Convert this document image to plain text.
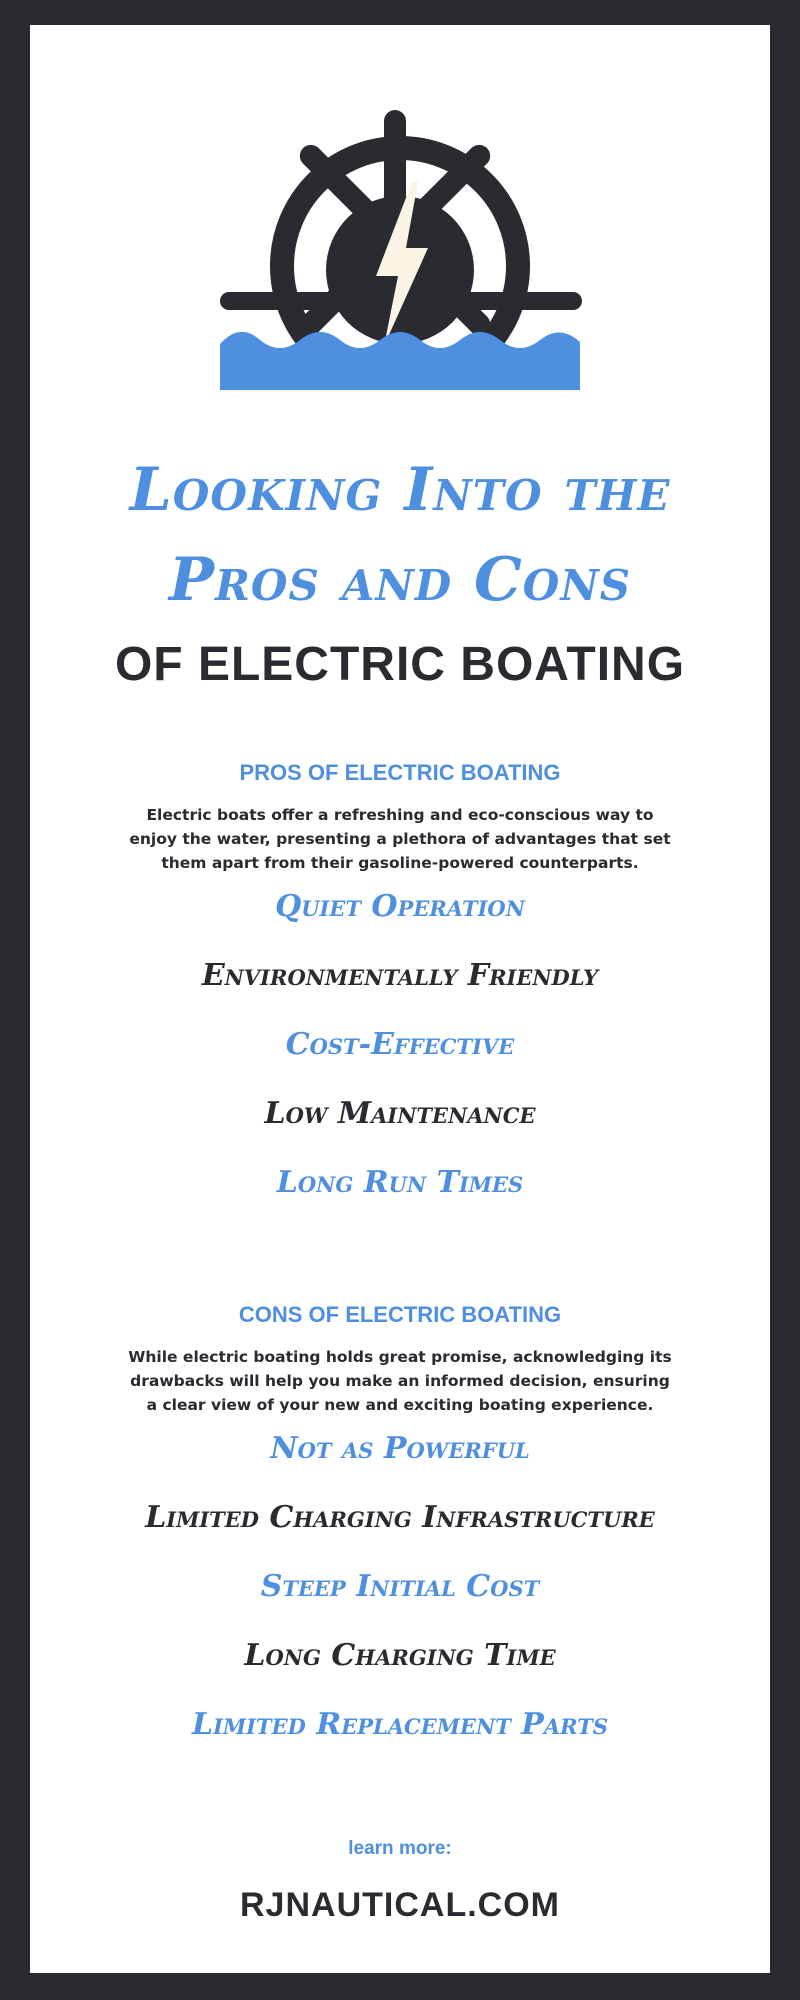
Looking Into the
Pros and Cons
OF ELECTRIC BOATING
PROS OF ELECTRIC BOATING
Electric boats offer a refreshing and eco-conscious way to enjoy the water, presenting a plethora of advantages that set them apart from their gasoline-powered counterparts.
Quiet Operation
Environmentally Friendly
Cost-Effective
Low Maintenance
Long Run Times
CONS OF ELECTRIC BOATING
While electric boating holds great promise, acknowledging its drawbacks will help you make an informed decision, ensuring a clear view of your new and exciting boating experience.
Not as Powerful
Limited Charging Infrastructure
Steep Initial Cost
Long Charging Time
Limited Replacement Parts
learn more:
RJNAUTICAL.COM
